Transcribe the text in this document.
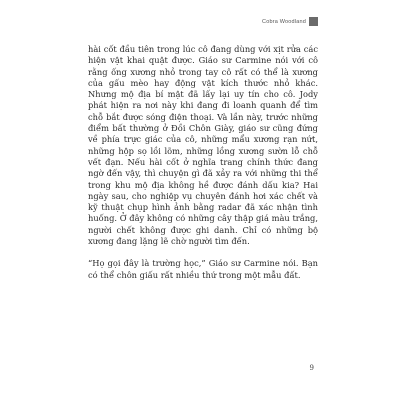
Cobra Woodland

hài cốt đầu tiên trong lúc cô đang dùng với xịt rửa các hiện vật khai quật được. Giáo sư Carmine nói với cô rằng ống xương nhỏ trong tay cô rất có thể là xương của gấu mèo hay động vật kích thước nhỏ khác. Nhưng mộ địa bí mật đã lấy lại uy tín cho cô. Jody phát hiện ra nơi này khi đang đi loanh quanh để tìm chỗ bắt được sóng điện thoại. Và lần này, trước những điểm bất thường ở Đồi Chôn Giày, giáo sư cũng đứng về phía trực giác của cô, những mẩu xương rạn nứt, những hộp sọ lồi lõm, những lồng xương sườn lỗ chỗ vết đạn. Nếu hài cốt ở nghĩa trang chính thức đang ngờ đến vậy, thì chuyện gì đã xảy ra với những thi thể trong khu mộ địa không hề được đánh dấu kia? Hai ngày sau, cho nghiệp vụ chuyên đánh hơi xác chết và kỹ thuật chụp hình ảnh bằng radar đã xác nhận tình huống. Ở đây không có những cây thập giá màu trắng, người chết không được ghi danh. Chỉ có những bộ xương đang lặng lẽ chờ người tìm đến.

“Họ gọi đây là trường học,” Giáo sư Carmine nói. Bạn có thể chôn giấu rất nhiều thứ trong một mẫu đất.

9
